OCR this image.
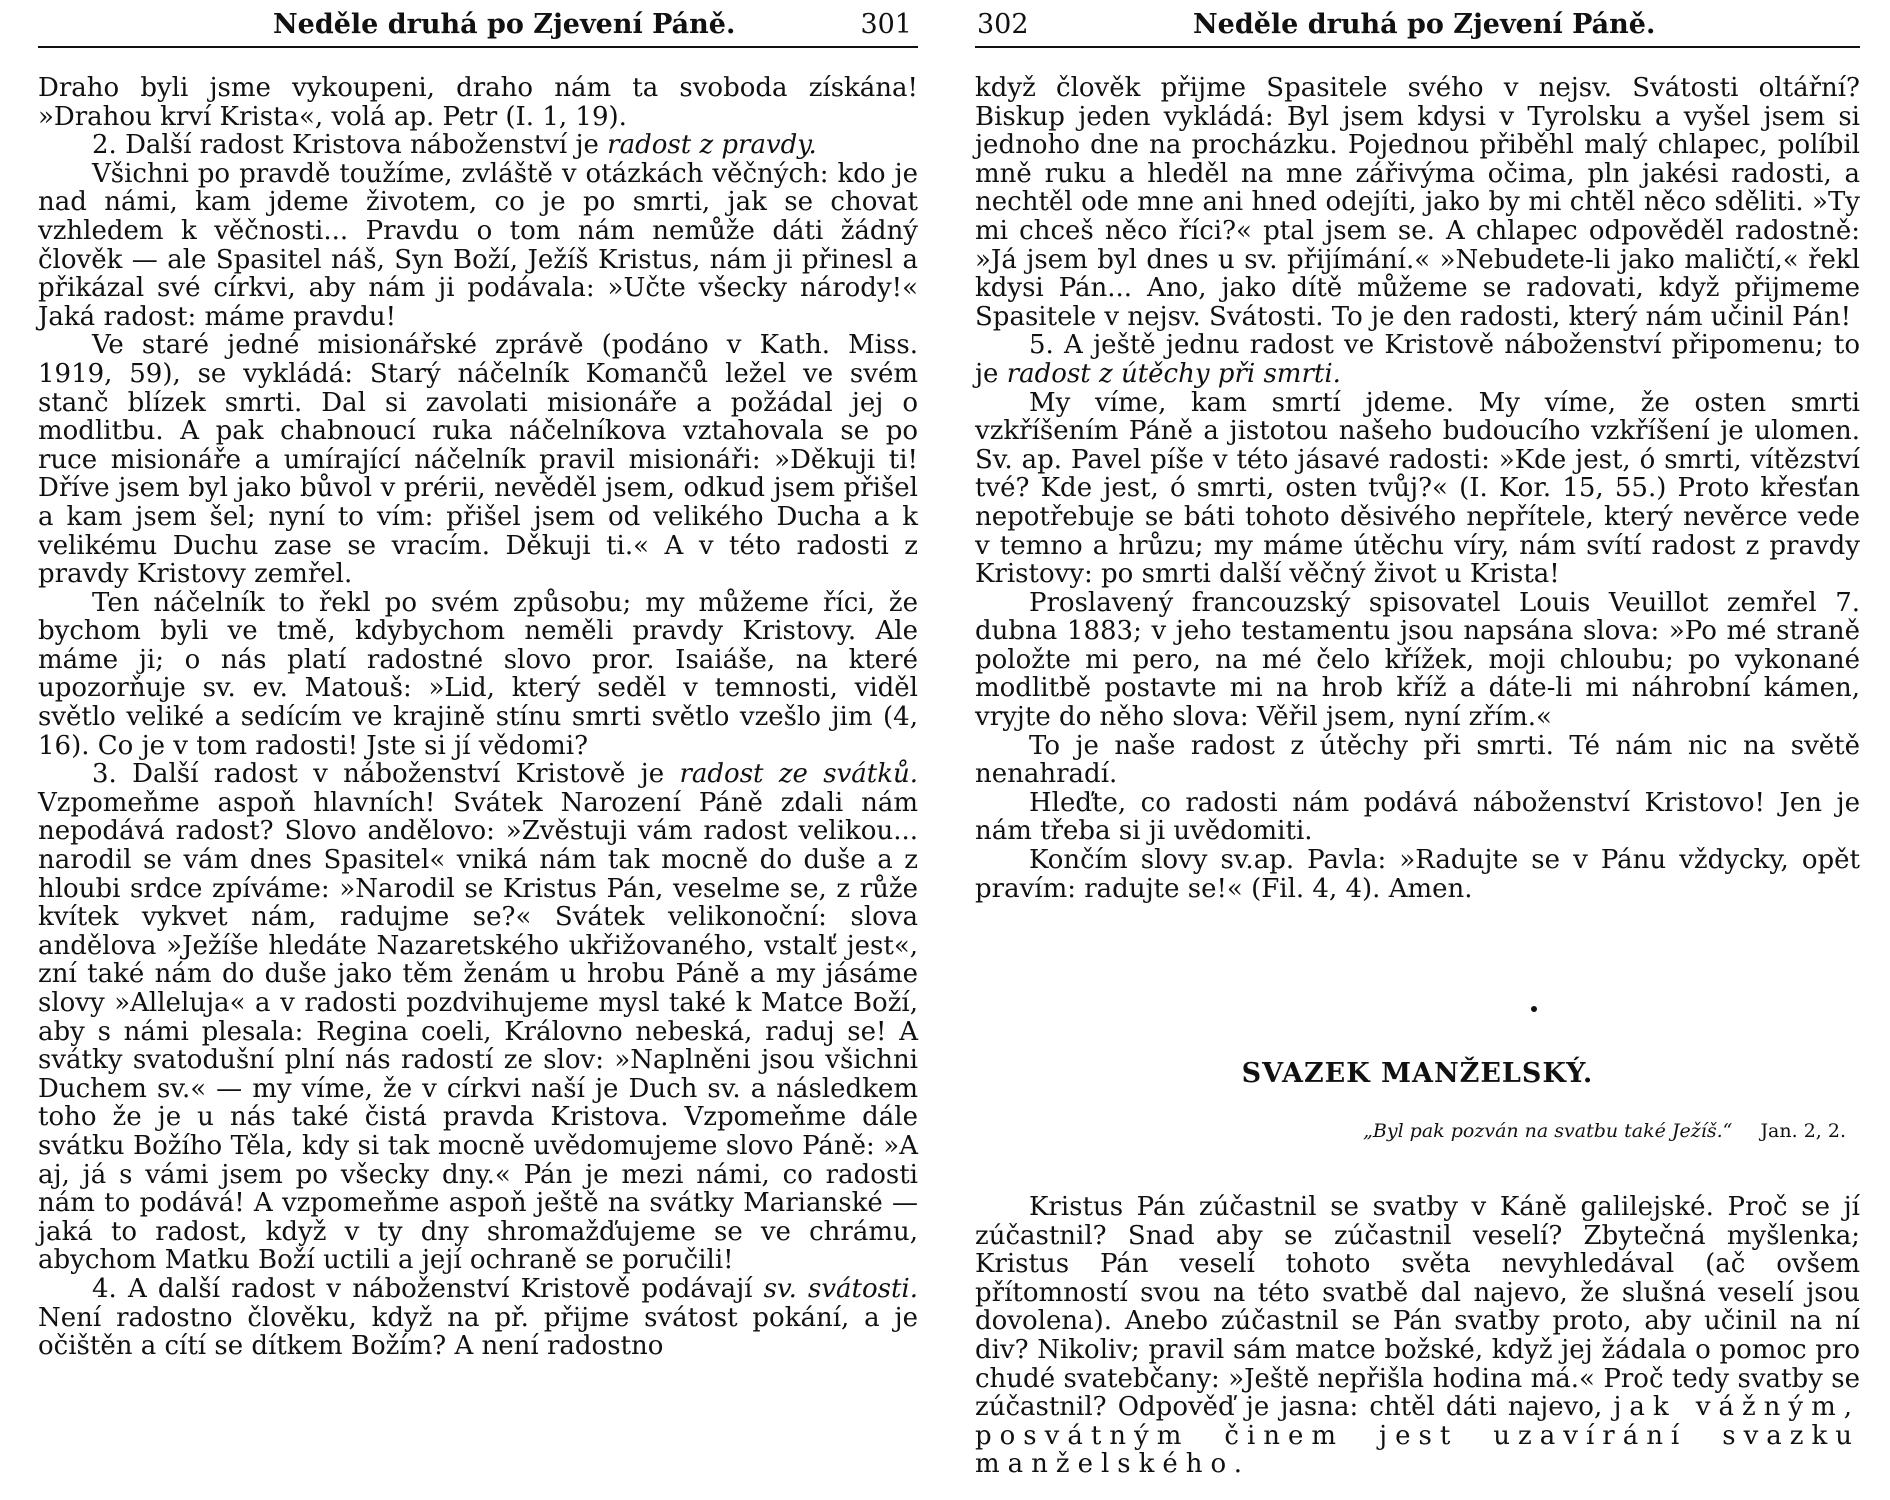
Neděle druhá po Zjevení Páně.	301

Draho byli jsme vykoupeni, draho nám ta svoboda získána! »Drahou krví Krista«, volá ap. Petr (I. 1, 19).

2. Další radost Kristova náboženství je radost z pravdy.

Všichni po pravdě toužíme, zvláště v otázkách věčných: kdo je nad námi, kam jdeme životem, co je po smrti, jak se chovat vzhledem k věčnosti... Pravdu o tom nám nemůže dáti žádný člověk — ale Spasitel náš, Syn Boží, Ježíš Kristus, nám ji přinesl a přikázal své církvi, aby nám ji podávala: »Učte všecky národy!« Jaká radost: máme pravdu!

Ve staré jedné misionářské zprávě (podáno v Kath. Miss. 1919, 59), se vykládá: Starý náčelník Komančů ležel ve svém stanč blízek smrti. Dal si zavolati misionáře a požádal jej o modlitbu. A pak chabnoucí ruka náčelníkova vztahovala se po ruce misionáře a umírající náčelník pravil misionáři: »Děkuji ti! Dříve jsem byl jako bůvol v prérii, nevěděl jsem, odkud jsem přišel a kam jsem šel; nyní to vím: přišel jsem od velikého Ducha a k velikému Duchu zase se vracím. Děkuji ti.« A v této radosti z pravdy Kristovy zemřel.

Ten náčelník to řekl po svém způsobu; my můžeme říci, že bychom byli ve tmě, kdybychom neměli pravdy Kristovy. Ale máme ji; o nás platí radostné slovo pror. Isaiáše, na které upozorňuje sv. ev. Matouš: »Lid, který seděl v temnosti, viděl světlo veliké a sedícím ve krajině stínu smrti světlo vzešlo jim (4, 16). Co je v tom radosti! Jste si jí vědomi?

3. Další radost v náboženství Kristově je radost ze svátků. Vzpomeňme aspoň hlavních! Svátek Narození Páně zdali nám nepodává radost? Slovo andělovo: »Zvěstuji vám radost velikou... narodil se vám dnes Spasitel« vniká nám tak mocně do duše a z hloubi srdce zpíváme: »Narodil se Kristus Pán, veselme se, z růže kvítek vykvet nám, radujme se?« Svátek velikonoční: slova andělova »Ježíše hledáte Nazaretského ukřižovaného, vstalť jest«, zní také nám do duše jako těm ženám u hrobu Páně a my jásáme slovy »Alleluja« a v radosti pozdvihujeme mysl také k Matce Boží, aby s námi plesala: Regina coeli, Královno nebeská, raduj se! A svátky svatodušní plní nás radostí ze slov: »Naplněni jsou všichni Duchem sv.« — my víme, že v církvi naší je Duch sv. a následkem toho že je u nás také čistá pravda Kristova. Vzpomeňme dále svátku Božího Těla, kdy si tak mocně uvědomujeme slovo Páně: »A aj, já s vámi jsem po všecky dny.« Pán je mezi námi, co radosti nám to podává! A vzpomeňme aspoň ještě na svátky Marianské — jaká to radost, když v ty dny shromažďujeme se ve chrámu, abychom Matku Boží uctili a její ochraně se poručili!

4. A další radost v náboženství Kristově podávají sv. svátosti. Není radostno člověku, když na př. přijme svátost pokání, a je očištěn a cítí se dítkem Božím? A není radostno

302	Neděle druhá po Zjevení Páně.

když člověk přijme Spasitele svého v nejsv. Svátosti oltářní? Biskup jeden vykládá: Byl jsem kdysi v Tyrolsku a vyšel jsem si jednoho dne na procházku. Pojednou přiběhl malý chlapec, políbil mně ruku a hleděl na mne zářivýma očima, pln jakési radosti, a nechtěl ode mne ani hned odejíti, jako by mi chtěl něco sděliti. »Ty mi chceš něco říci?« ptal jsem se. A chlapec odpověděl radostně: »Já jsem byl dnes u sv. přijímání.« »Nebudete-li jako maličtí,« řekl kdysi Pán... Ano, jako dítě můžeme se radovati, když přijmeme Spasitele v nejsv. Svátosti. To je den radosti, který nám učinil Pán!

5. A ještě jednu radost ve Kristově náboženství připomenu; to je radost z útěchy při smrti.

My víme, kam smrtí jdeme. My víme, že osten smrti vzkříšením Páně a jistotou našeho budoucího vzkříšení je ulomen. Sv. ap. Pavel píše v této jásavé radosti: »Kde jest, ó smrti, vítězství tvé? Kde jest, ó smrti, osten tvůj?« (I. Kor. 15, 55.) Proto křesťan nepotřebuje se báti tohoto děsivého nepřítele, který nevěrce vede v temno a hrůzu; my máme útěchu víry, nám svítí radost z pravdy Kristovy: po smrti další věčný život u Krista!

Proslavený francouzský spisovatel Louis Veuillot zemřel 7. dubna 1883; v jeho testamentu jsou napsána slova: »Po mé straně položte mi pero, na mé čelo křížek, moji chloubu; po vykonané modlitbě postavte mi na hrob kříž a dáte-li mi náhrobní kámen, vryjte do něho slova: Věřil jsem, nyní zřím.«

To je naše radost z útěchy při smrti. Té nám nic na světě nenahradí.

Hleďte, co radosti nám podává náboženství Kristovo! Jen je nám třeba si ji uvědomiti.

Končím slovy sv.ap. Pavla: »Radujte se v Pánu vždycky, opět pravím: radujte se!« (Fil. 4, 4). Amen.

SVAZEK MANŽELSKÝ.
„Byl pak pozván na svatbu také Ježíš.“ Jan. 2, 2.

Kristus Pán zúčastnil se svatby v Káně galilejské. Proč se jí zúčastnil? Snad aby se zúčastnil veselí? Zbytečná myšlenka; Kristus Pán veselí tohoto světa nevyhledával (ač ovšem přítomností svou na této svatbě dal najevo, že slušná veselí jsou dovolena). Anebo zúčastnil se Pán svatby proto, aby učinil na ní div? Nikoliv; pravil sám matce božské, když jej žádala o pomoc pro chudé svatebčany: »Ještě nepřišla hodina má.« Proč tedy svatby se zúčastnil? Odpověď je jasna: chtěl dáti najevo, jak vážným, posvátným činem jest uzavírání svazku manželského.
